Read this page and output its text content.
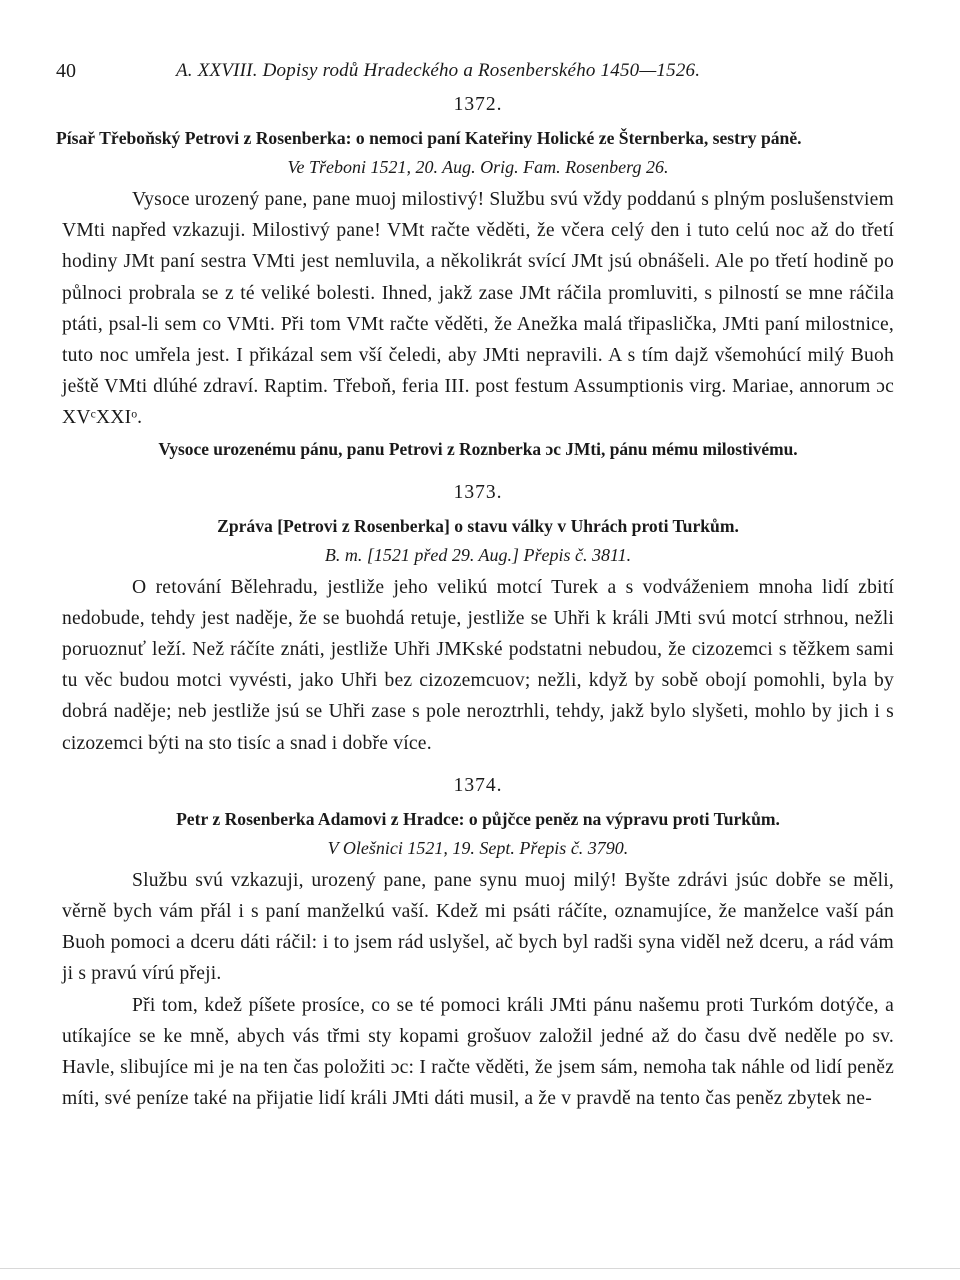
40	A. XXVIII. Dopisy rodů Hradeckého a Rosenberského 1450—1526.
1372.
Písař Třeboňský Petrovi z Rosenberka: o nemoci paní Kateřiny Holické ze Šternberka, sestry páně.
Ve Třeboni 1521, 20. Aug. Orig. Fam. Rosenberg 26.

Vysoce urozený pane, pane muoj milostivý! Službu svú vždy poddanú s plným poslušenstviem VMti napřed vzkazuji. Milostivý pane! VMt račte věděti, že včera celý den i tuto celú noc až do třetí hodiny JMt paní sestra VMti jest nemluvila, a několikrát svící JMt jsú obnášeli. Ale po třetí hodině po půlnoci probrala se z té veliké bolesti. Ihned, jakž zase JMt ráčila promluviti, s pilností se mne ráčila ptáti, psal-li sem co VMti. Při tom VMt račte věděti, že Anežka malá třipaslička, JMti paní milostnice, tuto noc umřela jest. I přikázal sem vší čeledi, aby JMti nepravili. A s tím dajž všemohúcí milý Buoh ještě VMti dlúhé zdraví. Raptim. Třeboň, feria III. post festum Assumptionis virg. Mariae, annorum ɔc XVᶜXXIᵒ.

Vysoce urozenému pánu, panu Petrovi z Roznberka ɔc JMti, pánu mému milostivému.
1373.
Zpráva [Petrovi z Rosenberka] o stavu války v Uhrách proti Turkům.
B. m. [1521 před 29. Aug.] Přepis č. 3811.

O retování Bělehradu, jestliže jeho velikú motcí Turek a s vodváženiem mnoha lidí zbití nedobude, tehdy jest naděje, že se buohdá retuje, jestliže se Uhři k králi JMti svú motcí strhnou, nežli poruoznuť leží. Než ráčíte znáti, jestliže Uhři JMKské podstatni nebudou, že cizozemci s těžkem sami tu věc budou motci vyvésti, jako Uhři bez cizozemcuov; nežli, když by sobě obojí pomohli, byla by dobrá naděje; neb jestliže jsú se Uhři zase s pole neroztrhli, tehdy, jakž bylo slyšeti, mohlo by jich i s cizozemci býti na sto tisíc a snad i dobře více.

1374.
Petr z Rosenberka Adamovi z Hradce: o půjčce peněz na výpravu proti Turkům.
V Olešnici 1521, 19. Sept. Přepis č. 3790.

Službu svú vzkazuji, urozený pane, pane synu muoj milý! Byšte zdrávi jsúc dobře se měli, věrně bych vám přál i s paní manželkú vaší. Kdež mi psáti ráčíte, oznamujíce, že manželce vaší pán Buoh pomoci a dceru dáti ráčil: i to jsem rád uslyšel, ač bych byl radši syna viděl než dceru, a rád vám ji s pravú vírú přeji.

Při tom, kdež píšete prosíce, co se té pomoci králi JMti pánu našemu proti Turkóm dotýče, a utíkajíce se ke mně, abych vás třmi sty kopami grošuov založil jedné až do času dvě neděle po sv. Havle, slibujíce mi je na ten čas položiti ɔc: I račte věděti, že jsem sám, nemoha tak náhle od lidí peněz míti, své peníze také na přijatie lidí králi JMti dáti musil, a že v pravdě na tento čas peněz zbytek ne-
